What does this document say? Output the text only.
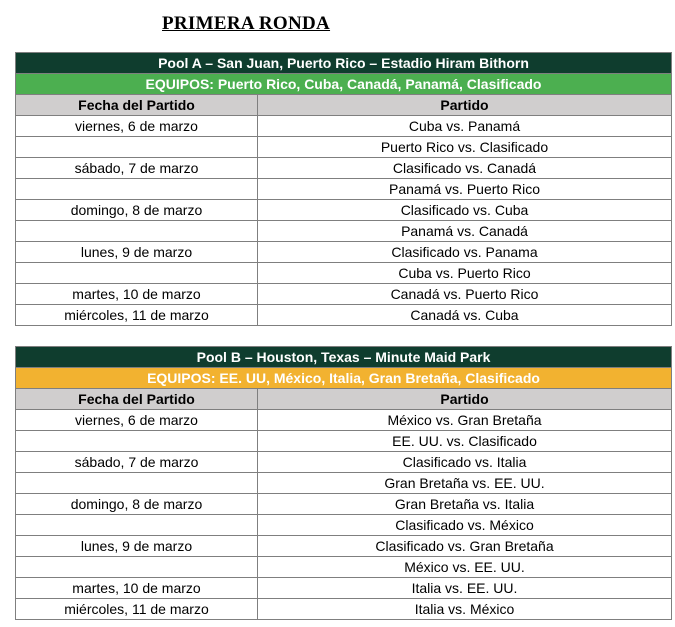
PRIMERA RONDA
Pool A – San Juan, Puerto Rico – Estadio Hiram Bithorn	
EQUIPOS: Puerto Rico, Cuba, Canadá, Panamá, Clasificado	
Fecha del Partido	Partido
viernes, 6 de marzo	Cuba vs. Panamá
	Puerto Rico vs. Clasificado
sábado, 7 de marzo	Clasificado vs. Canadá
	Panamá vs. Puerto Rico
domingo, 8 de marzo	Clasificado vs. Cuba
	Panamá vs. Canadá
lunes, 9 de marzo	Clasificado vs. Panama
	Cuba vs. Puerto Rico
martes, 10 de marzo	Canadá vs. Puerto Rico
miércoles, 11 de marzo	Canadá vs. Cuba
Pool B – Houston, Texas – Minute Maid Park	
EQUIPOS: EE. UU, México, Italia, Gran Bretaña, Clasificado	
Fecha del Partido	Partido
viernes, 6 de marzo	México vs. Gran Bretaña
	EE. UU. vs. Clasificado
sábado, 7 de marzo	Clasificado vs. Italia
	Gran Bretaña vs. EE. UU.
domingo, 8 de marzo	Gran Bretaña vs. Italia
	Clasificado vs. México
lunes, 9 de marzo	Clasificado vs. Gran Bretaña
	México vs. EE. UU.
martes, 10 de marzo	Italia vs. EE. UU.
miércoles, 11 de marzo	Italia vs. México
